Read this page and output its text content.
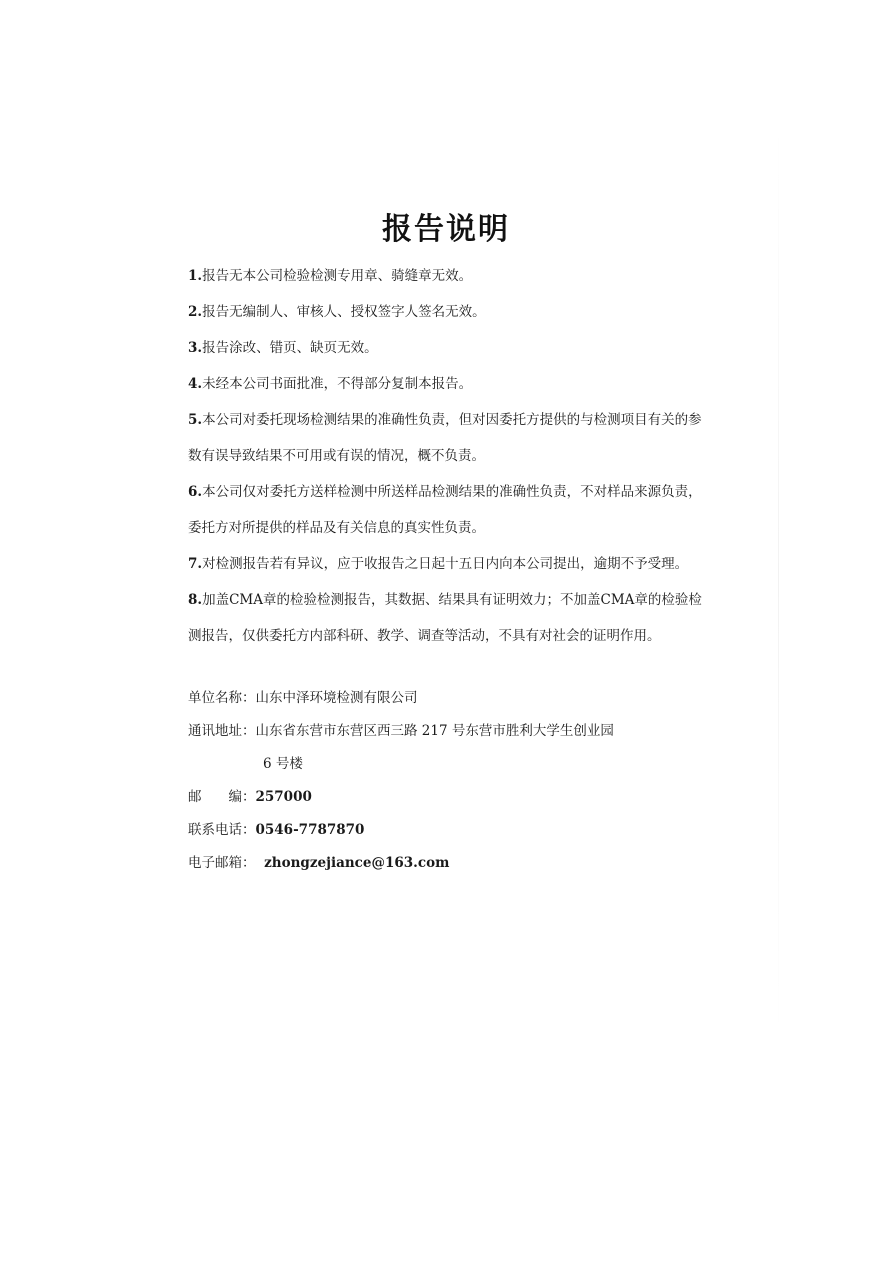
报告说明

1.报告无本公司检验检测专用章、骑缝章无效。

2.报告无编制人、审核人、授权签字人签名无效。

3.报告涂改、错页、缺页无效。

4.未经本公司书面批准，不得部分复制本报告。

5.本公司对委托现场检测结果的准确性负责，但对因委托方提供的与检测项目有关的参
数有误导致结果不可用或有误的情况，概不负责。

6.本公司仅对委托方送样检测中所送样品检测结果的准确性负责，不对样品来源负责，
委托方对所提供的样品及有关信息的真实性负责。

7.对检测报告若有异议，应于收报告之日起十五日内向本公司提出，逾期不予受理。

8.加盖CMA章的检验检测报告，其数据、结果具有证明效力；不加盖CMA章的检验检
测报告，仅供委托方内部科研、教学、调查等活动，不具有对社会的证明作用。

单位名称：山东中泽环境检测有限公司
通讯地址：山东省东营市东营区西三路 217 号东营市胜利大学生创业园
6 号楼
邮　　编：257000
联系电话：0546-7787870
电子邮箱： zhongzejiance@163.com
